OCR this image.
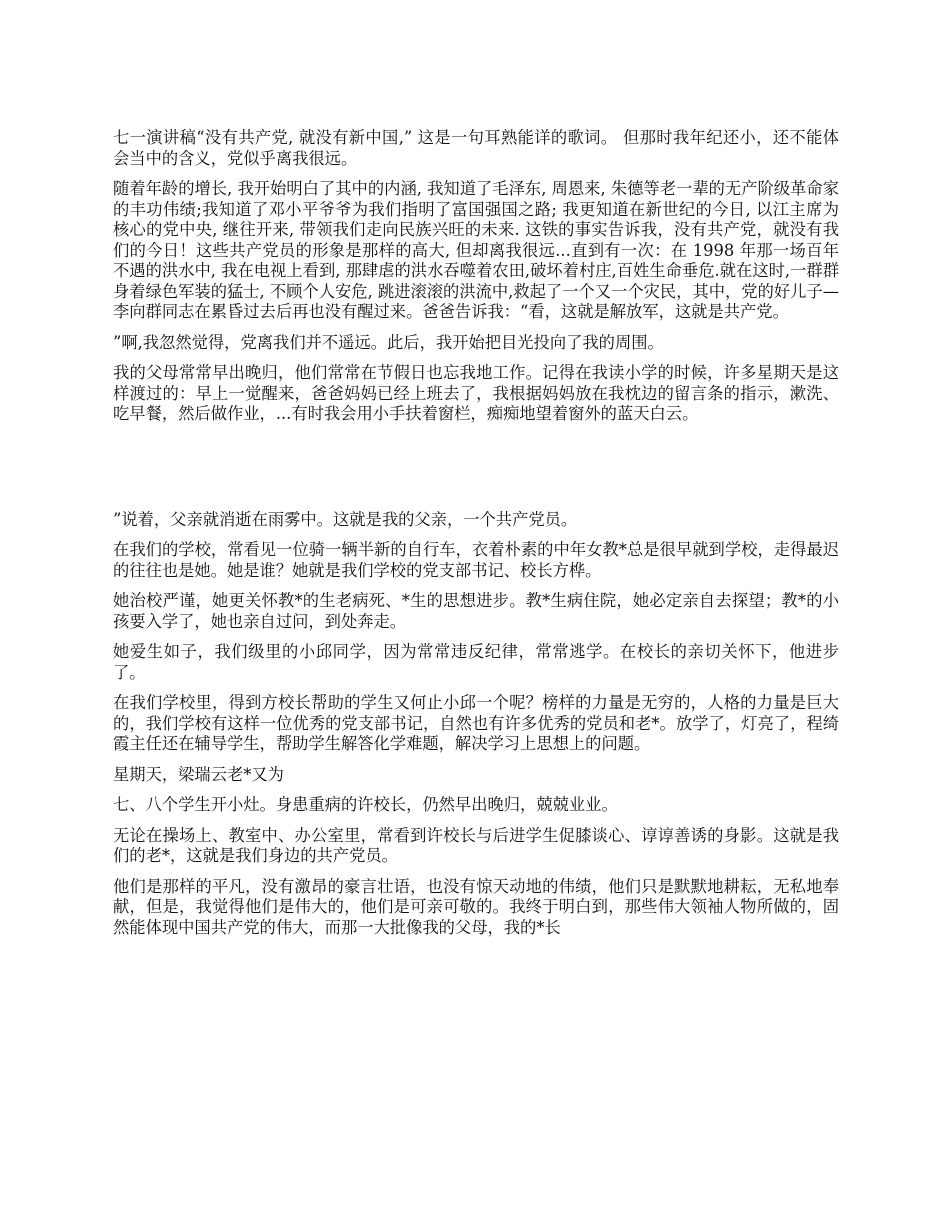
七一演讲稿“没有共产党, 就没有新中国,” 这是一句耳熟能详的歌词。 但那时我年纪还小，还不能体会当中的含义，党似乎离我很远。

随着年龄的增长, 我开始明白了其中的内涵, 我知道了毛泽东, 周恩来, 朱德等老一辈的无产阶级革命家的丰功伟绩;我知道了邓小平爷爷为我们指明了富国强国之路; 我更知道在新世纪的今日, 以江主席为核心的党中央, 继往开来, 带领我们走向民族兴旺的未来. 这铁的事实告诉我，没有共产党，就没有我们的今日！这些共产党员的形象是那样的高大, 但却离我很远...直到有一次：在 1998 年那一场百年不遇的洪水中, 我在电视上看到, 那肆虐的洪水吞噬着农田,破坏着村庄,百姓生命垂危.就在这时,一群群身着绿色军装的猛士, 不顾个人安危, 跳进滚滚的洪流中,救起了一个又一个灾民，其中，党的好儿子—李向群同志在累昏过去后再也没有醒过来。爸爸告诉我：“看，这就是解放军，这就是共产党。

”啊,我忽然觉得，党离我们并不遥远。此后，我开始把目光投向了我的周围。

我的父母常常早出晚归，他们常常在节假日也忘我地工作。记得在我读小学的时候，许多星期天是这样渡过的：早上一觉醒来，爸爸妈妈已经上班去了，我根据妈妈放在我枕边的留言条的指示，漱洗、吃早餐，然后做作业，...有时我会用小手扶着窗栏，痴痴地望着窗外的蓝天白云。

”说着，父亲就消逝在雨雾中。这就是我的父亲，一个共产党员。

在我们的学校，常看见一位骑一辆半新的自行车，衣着朴素的中年女教*总是很早就到学校，走得最迟的往往也是她。她是谁？她就是我们学校的党支部书记、校长方桦。

她治校严谨，她更关怀教*的生老病死、*生的思想进步。教*生病住院，她必定亲自去探望；教*的小孩要入学了，她也亲自过问，到处奔走。

她爱生如子，我们级里的小邱同学，因为常常违反纪律，常常逃学。在校长的亲切关怀下，他进步了。

在我们学校里，得到方校长帮助的学生又何止小邱一个呢？榜样的力量是无穷的，人格的力量是巨大的，我们学校有这样一位优秀的党支部书记，自然也有许多优秀的党员和老*。放学了，灯亮了，程绮霞主任还在辅导学生，帮助学生解答化学难题，解决学习上思想上的问题。

星期天，梁瑞云老*又为

七、八个学生开小灶。身患重病的许校长，仍然早出晚归，兢兢业业。

无论在操场上、教室中、办公室里，常看到许校长与后进学生促膝谈心、谆谆善诱的身影。这就是我们的老*，这就是我们身边的共产党员。

他们是那样的平凡，没有激昂的豪言壮语，也没有惊天动地的伟绩，他们只是默默地耕耘，无私地奉献，但是，我觉得他们是伟大的，他们是可亲可敬的。我终于明白到，那些伟大领袖人物所做的，固然能体现中国共产党的伟大，而那一大批像我的父母，我的*长
